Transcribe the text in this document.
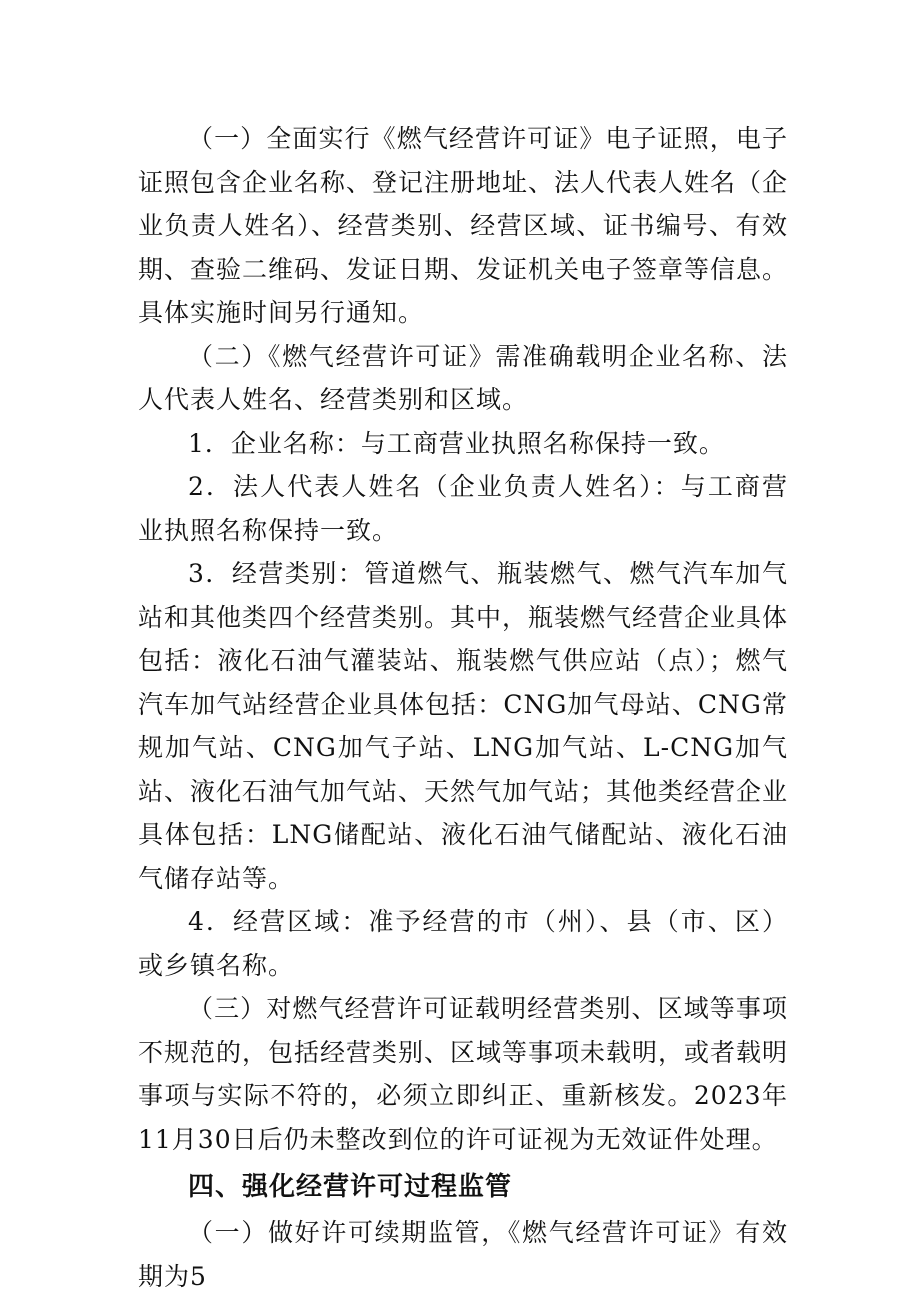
（一）全面实行《燃气经营许可证》电子证照，电子证照包含企业名称、登记注册地址、法人代表人姓名（企业负责人姓名）、经营类别、经营区域、证书编号、有效期、查验二维码、发证日期、发证机关电子签章等信息。具体实施时间另行通知。

（二）《燃气经营许可证》需准确载明企业名称、法人代表人姓名、经营类别和区域。

1．企业名称：与工商营业执照名称保持一致。

2．法人代表人姓名（企业负责人姓名）：与工商营业执照名称保持一致。

3．经营类别：管道燃气、瓶装燃气、燃气汽车加气站和其他类四个经营类别。其中，瓶装燃气经营企业具体包括：液化石油气灌装站、瓶装燃气供应站（点）；燃气汽车加气站经营企业具体包括：CNG加气母站、CNG常规加气站、CNG加气子站、LNG加气站、L-CNG加气站、液化石油气加气站、天然气加气站；其他类经营企业具体包括：LNG储配站、液化石油气储配站、液化石油气储存站等。

4．经营区域：准予经营的市（州）、县（市、区）或乡镇名称。

（三）对燃气经营许可证载明经营类别、区域等事项不规范的，包括经营类别、区域等事项未载明，或者载明事项与实际不符的，必须立即纠正、重新核发。2023年11月30日后仍未整改到位的许可证视为无效证件处理。

四、强化经营许可过程监管

（一）做好许可续期监管，《燃气经营许可证》有效期为5
